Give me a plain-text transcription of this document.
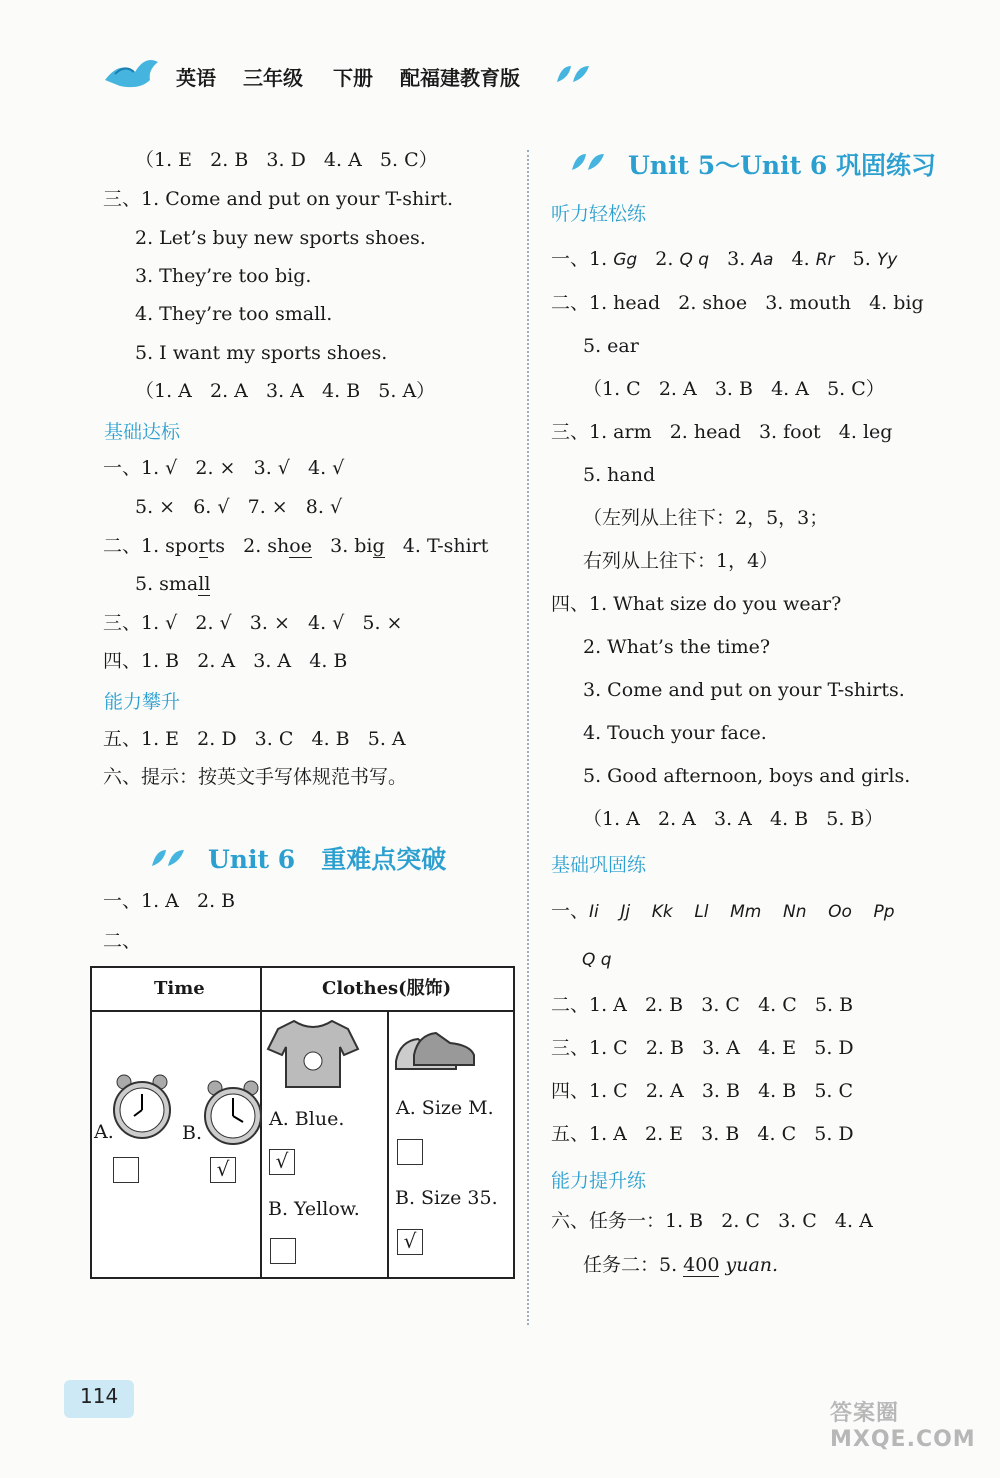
英语 三年级 下册 配福建教育版
（1. E   2. B   3. D   4. A   5. C）
三、1. Come and put on your T-shirt.
2. Let’s buy new sports shoes.
3. They’re too big.
4. They’re too small.
5. I want my sports shoes.
（1. A   2. A   3. A   4. B   5. A）
基础达标
一、1. √   2. ×   3. √   4. √
5. ×   6. √   7. ×   8. √
二、1. sports   2. shoe   3. big   4. T-shirt
5. small
三、1. √   2. √   3. ×   4. √   5. ×
四、1. B   2. A   3. A   4. B
能力攀升
五、1. E   2. D   3. C   4. B   5. A
六、提示：按英文手写体规范书写。
Unit 6   重难点突破
一、1. A   2. B
二、
Time	Clothes(服饰)
A.	B.
√
A. Blue.
√
B. Yellow.
A. Size M.
B. Size 35.
√
Unit 5～Unit 6 巩固练习
听力轻松练
一、1. Gg 2. Q q 3. Aa 4. Rr 5. Yy
二、1. head   2. shoe   3. mouth   4. big
5. ear
（1. C   2. A   3. B   4. A   5. C）
三、1. arm   2. head   3. foot   4. leg
5. hand
（左列从上往下：2，5，3；
右列从上往下：1，4）
四、1. What size do you wear?
2. What’s the time?
3. Come and put on your T-shirts.
4. Touch your face.
5. Good afternoon, boys and girls.
（1. A   2. A   3. A   4. B   5. B）
基础巩固练
一、Ii    Jj    Kk    Ll    Mm    Nn    Oo    Pp
Q q
二、1. A   2. B   3. C   4. C   5. B
三、1. C   2. B   3. A   4. E   5. D
四、1. C   2. A   3. B   4. B   5. C
五、1. A   2. E   3. B   4. C   5. D
能力提升练
六、任务一：1. B   2. C   3. C   4. A
任务二：5. 400 yuan.
114
答案圈 MXQE.COM
